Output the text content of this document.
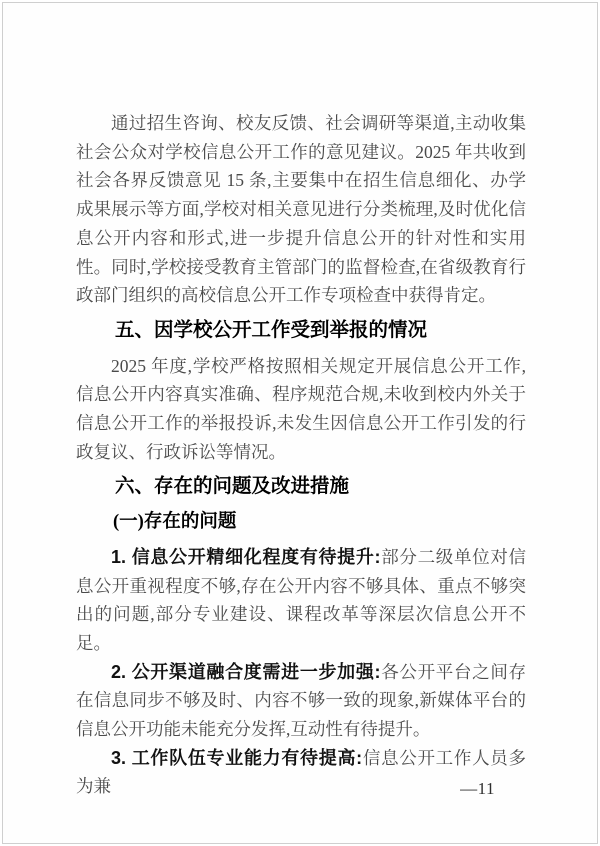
通过招生咨询、校友反馈、社会调研等渠道,主动收集社会公众对学校信息公开工作的意见建议。2025 年共收到社会各界反馈意见 15 条,主要集中在招生信息细化、办学成果展示等方面,学校对相关意见进行分类梳理,及时优化信息公开内容和形式,进一步提升信息公开的针对性和实用性。同时,学校接受教育主管部门的监督检查,在省级教育行政部门组织的高校信息公开工作专项检查中获得肯定。

五、因学校公开工作受到举报的情况

2025 年度,学校严格按照相关规定开展信息公开工作,信息公开内容真实准确、程序规范合规,未收到校内外关于信息公开工作的举报投诉,未发生因信息公开工作引发的行政复议、行政诉讼等情况。

六、存在的问题及改进措施
(一)存在的问题

1. 信息公开精细化程度有待提升:部分二级单位对信息公开重视程度不够,存在公开内容不够具体、重点不够突出的问题,部分专业建设、课程改革等深层次信息公开不足。

2. 公开渠道融合度需进一步加强:各公开平台之间存在信息同步不够及时、内容不够一致的现象,新媒体平台的信息公开功能未能充分发挥,互动性有待提升。

3. 工作队伍专业能力有待提高:信息公开工作人员多为兼	—11
